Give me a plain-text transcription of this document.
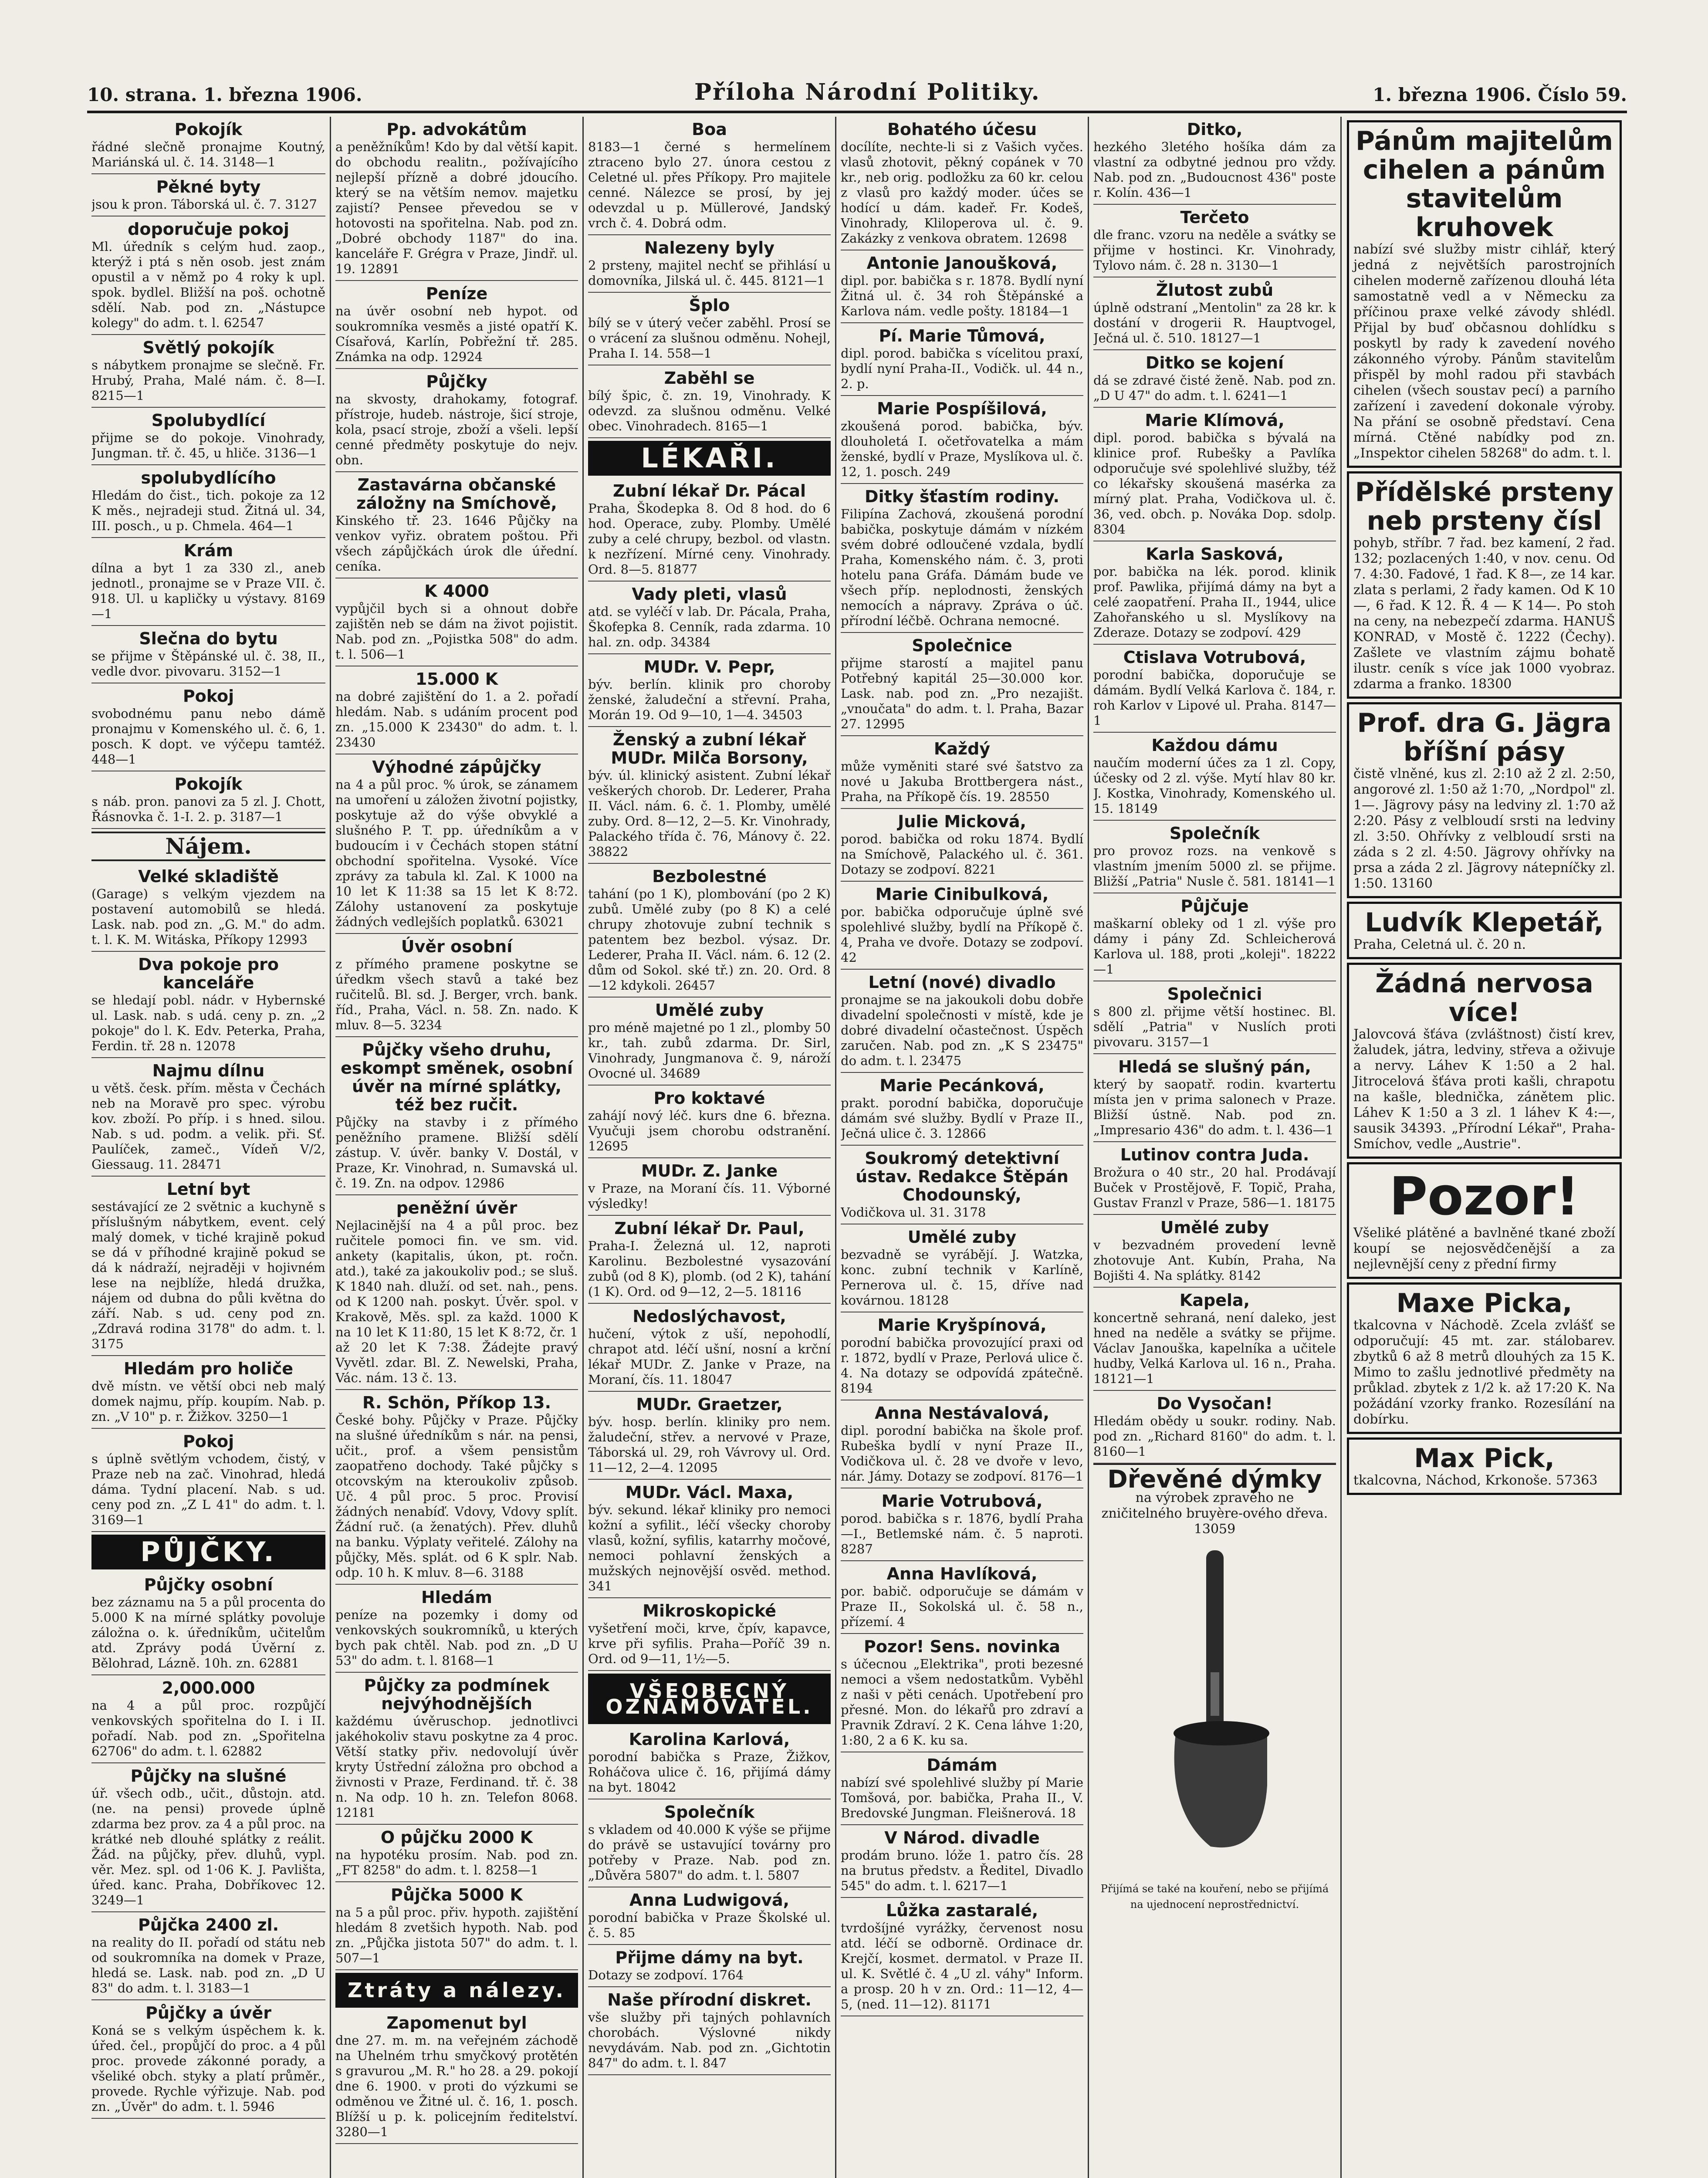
10. strana. 1. března 1906.	Příloha Národní Politiky.	1. března 1906. Číslo 59.
Pokojík
řádné slečně pronajme Koutný, Mariánská ul. č. 14. 3148—1
Pěkné byty
jsou k pron. Táborská ul. č. 7. 3127
doporučuje pokoj
Ml. úředník s celým hud. zaop., kterýž i ptá s něn osob. jest znám opustil a v němž po 4 roky k upl. spok. bydlel. Bližší na poš. ochotně sdělí. Nab. pod zn. „Nástupce kolegy" do adm. t. l. 62547
Světlý pokojík
s nábytkem pronajme se slečně. Fr. Hrubý, Praha, Malé nám. č. 8—I. 8215—1
Spolubydlící
přijme se do pokoje. Vinohrady, Jungman. tř. č. 45, u hliče. 3136—1
spolubydlícího
Hledám do čist., tich. pokoje za 12 K měs., nejradeji stud. Žitná ul. 34, III. posch., u p. Chmela. 464—1
Krám
dílna a byt 1 za 330 zl., aneb jednotl., pronajme se v Praze VII. č. 918. Ul. u kapličky u výstavy. 8169—1
Slečna do bytu
se přijme v Štěpánské ul. č. 38, II., vedle dvor. pivovaru. 3152—1
Pokoj
svobodnému panu nebo dámě pronajmu v Komenského ul. č. 6, 1. posch. K dopt. ve výčepu tamtéž. 448—1
Pokojík
s náb. pron. panovi za 5 zl. J. Chott, Řásnovka č. 1-I. 2. p. 3187—1
Nájem.
Velké skladiště
(Garage) s velkým vjezdem na postavení automobilů se hledá. Lask. nab. pod zn. „G. M." do adm. t. l. K. M. Witáska, Příkopy 12993
Dva pokoje pro kanceláře
se hledají pobl. nádr. v Hybernské ul. Lask. nab. s udá. ceny p. zn. „2 pokoje" do l. K. Edv. Peterka, Praha, Ferdin. tř. 28 n. 12078
Najmu dílnu
u větš. česk. přím. města v Čechách neb na Moravě pro spec. výrobu kov. zboží. Po příp. i s hned. silou. Nab. s ud. podm. a velik. při. Sť. Paulíček, zameč., Vídeň V/2, Giessaug. 11. 28471
Letní byt
sestávající ze 2 světnic a kuchyně s příslušným nábytkem, event. celý malý domek, v tiché krajině pokud se dá v příhodné krajině pokud se dá k nádraží, nejraději v hojivném lese na nejblíže, hledá družka, nájem od dubna do půli května do září. Nab. s ud. ceny pod zn. „Zdravá rodina 3178" do adm. t. l. 3175
Hledám pro holiče
dvě místn. ve větší obci neb malý domek najmu, příp. koupím. Nab. p. zn. „V 10" p. r. Žižkov. 3250—1
Pokoj
s úplně světlým vchodem, čistý, v Praze neb na zač. Vinohrad, hledá dáma. Tydní placení. Nab. s ud. ceny pod zn. „Z L 41" do adm. t. l. 3169—1
PŮJČKY.
Půjčky osobní
bez záznamu na 5 a půl procenta do 5.000 K na mírné splátky povoluje záložna o. k. úředníkům, učitelům atd. Zprávy podá Úvěrní z. Bělohrad, Lázně. 10h. zn. 62881
2,000.000
na 4 a půl proc. rozpůjčí venkovských spořitelna do I. i II. pořadí. Nab. pod zn. „Spořitelna 62706" do adm. t. l. 62882
Půjčky na slušné
úř. všech odb., učit., důstojn. atd. (ne. na pensi) provede úplně zdarma bez prov. za 4 a půl proc. na krátké neb dlouhé splátky z reálit. Žád. na půjčky, přev. dluhů, vypl. věr. Mez. spl. od 1·06 K. J. Pavlišta, úřed. kanc. Praha, Dobříkovec 12. 3249—1
Půjčka 2400 zl.
na reality do II. pořadí od státu neb od soukromníka na domek v Praze, hledá se. Lask. nab. pod zn. „D U 83" do adm. t. l. 3183—1
Půjčky a úvěr
Koná se s velkým úspěchem k. k. úřed. čel., propůjčí do proc. a 4 půl proc. provede zákonné porady, a všeliké obch. styky a platí průměr., provede. Rychle výřizuje. Nab. pod zn. „Úvěr" do adm. t. l. 5946
Pp. advokátům
a peněžníkům! Kdo by dal větší kapit. do obchodu realitn., požívajícího nejlepší přízně a dobré jdoucího. který se na větším nemov. majetku zajistí? Pensee převedou se v hotovosti na spořitelna. Nab. pod zn. „Dobré obchody 1187" do ina. kanceláře F. Grégra v Praze, Jindř. ul. 19. 12891
Peníze
na úvěr osobní neb hypot. od soukromníka vesměs a jisté opatří K. Císařová, Karlín, Pobřežní tř. 285. Známka na odp. 12924
Půjčky
na skvosty, drahokamy, fotograf. přístroje, hudeb. nástroje, šicí stroje, kola, psací stroje, zboží a všeli. lepší cenné předměty poskytuje do nejv. obn.
Zastavárna občanské záložny na Smíchově,
Kinského tř. 23. 1646 Půjčky na venkov vyřiz. obratem poštou. Při všech zápůjčkách úrok dle úřední. ceníka.
K 4000
vypůjčil bych si a ohnout dobře zajištěn neb se dám na život pojistit. Nab. pod zn. „Pojistka 508" do adm. t. l. 506—1
15.000 K
na dobré zajištění do 1. a 2. pořadí hledám. Nab. s udáním procent pod zn. „15.000 K 23430" do adm. t. l. 23430
Výhodné zápůjčky
na 4 a půl proc. % úrok, se zánamem na umoření u záložen životní pojistky, poskytuje až do výše obvyklé a slušného P. T. pp. úředníkům a v budoucím i v Čechách stopen státní obchodní spořitelna. Vysoké. Více zprávy za tabula kl. Zal. K 1000 na 10 let K 11:38 sa 15 let K 8:72. Zálohy ustanovení za poskytuje žádných vedlejších poplatků. 63021
Úvěr osobní
z přímého pramene poskytne se úředkm všech stavů a také bez ručitelů. Bl. sd. J. Berger, vrch. bank. říd., Praha, Václ. n. 58. Zn. nado. K mluv. 8—5. 3234
Půjčky všeho druhu, eskompt směnek, osobní úvěr na mírné splátky, též bez ručit.
Půjčky na stavby i z přímého peněžního pramene. Bližší sdělí zástup. V. úvěr. banky V. Dostál, v Praze, Kr. Vinohrad, n. Sumavská ul. č. 19. Zn. na odpov. 12986
peněžní úvěr
Nejlacinější na 4 a půl proc. bez ručitele pomoci fin. ve sm. vid. ankety (kapitalis, úkon, pt. ročn. atd.), také za jakoukoliv pod.; se sluš. K 1840 nah. dluží. od set. nah., pens. od K 1200 nah. poskyt. Úvěr. spol. v Krakově, Měs. spl. za každ. 1000 K na 10 let K 11:80, 15 let K 8:72, čr. 1 až 20 let K 7:38. Žádejte pravý Vyvětl. zdar. Bl. Z. Newelski, Praha, Vác. nám. 13 č. 13.
R. Schön, Příkop 13.
České bohy. Půjčky v Praze. Půjčky na slušné úředníkům s nár. na pensi, učit., prof. a všem pensistům zaopatřeno dochody. Také půjčky s otcovským na kteroukoliv způsob. Uč. 4 půl proc. 5 proc. Provisí žádných nenabíď. Vdovy, Vdovy splít. Žádní ruč. (a ženatých). Přev. dluhů na banku. Výplaty veřitelé. Zálohy na půjčky, Měs. splát. od 6 K splr. Nab. odp. 10 h. K mluv. 8—6. 3188
Hledám
peníze na pozemky i domy od venkovských soukromníků, u kterých bych pak chtěl. Nab. pod zn. „D U 53" do adm. t. l. 8168—1
Půjčky za podmínek nejvýhodnějších
každému úvěruschop. jednotlivci jakéhokoliv stavu poskytne za 4 proc. Větší statky přiv. nedovolují úvěr kryty Ústřední záložna pro obchod a živnosti v Praze, Ferdinand. tř. č. 38 n. Na odp. 10 h. zn. Telefon 8068. 12181
O půjčku 2000 K
na hypotéku prosím. Nab. pod zn. „FT 8258" do adm. t. l. 8258—1
Půjčka 5000 K
na 5 a půl proc. přiv. hypoth. zajištění hledám 8 zvetšich hypoth. Nab. pod zn. „Půjčka jistota 507" do adm. t. l. 507—1
Ztráty a nálezy.
Zapomenut byl
dne 27. m. m. na veřejném záchodě na Uhelném trhu smyčkový protětén s gravurou „M. R." ho 28. a 29. pokojí dne 6. 1900. v proti do výzkumi se odměnou ve Žitné ul. č. 16, 1. posch. Blížší u p. k. policejním ředitelství. 3280—1
Boa
8183—1 černé s hermelínem ztraceno bylo 27. února cestou z Celetné ul. přes Příkopy. Pro majitele cenné. Nálezce se prosí, by jej odevzdal u p. Müllerové, Jandský vrch č. 4. Dobrá odm.
Nalezeny byly
2 prsteny, majitel nechť se přihlásí u domovníka, Jilská ul. č. 445. 8121—1
Šplo
bílý se v úterý večer zaběhl. Prosí se o vrácení za slušnou odměnu. Nohejl, Praha I. 14. 558—1
Zaběhl se
bílý špic, č. zn. 19, Vinohrady. K odevzd. za slušnou odměnu. Velké obec. Vinohradech. 8165—1
LÉKAŘI.
Zubní lékař Dr. Pácal
Praha, Škodepka 8. Od 8 hod. do 6 hod. Operace, zuby. Plomby. Umělé zuby a celé chrupy, bezbol. od vlastn. k nezřízení. Mírné ceny. Vinohrady. Ord. 8—5. 81877
Vady pleti, vlasů
atd. se vyléčí v lab. Dr. Pácala, Praha, Škofepka 8. Cenník, rada zdarma. 10 hal. zn. odp. 34384
MUDr. V. Pepr,
býv. berlín. klinik pro choroby ženské, žaludeční a střevní. Praha, Morán 19. Od 9—10, 1—4. 34503
Ženský a zubní lékař MUDr. Milča Borsony,
býv. úl. klinický asistent. Zubní lékař veškerých chorob. Dr. Lederer, Praha II. Václ. nám. 6. č. 1. Plomby, umělé zuby. Ord. 8—12, 2—5. Kr. Vinohrady, Palackého třída č. 76, Mánovy č. 22. 38822
Bezbolestné
tahání (po 1 K), plombování (po 2 K) zubů. Umělé zuby (po 8 K) a celé chrupy zhotovuje zubní technik s patentem bez bezbol. výsaz. Dr. Lederer, Praha II. Václ. nám. 6. 12 (2. dům od Sokol. ské tř.) zn. 20. Ord. 8—12 kdykoli. 26457
Umělé zuby
pro méně majetné po 1 zl., plomby 50 kr., tah. zubů zdarma. Dr. Sirl, Vinohrady, Jungmanova č. 9, nároží Ovocné ul. 34689
Pro koktavé
zahájí nový léč. kurs dne 6. března. Vyučuji jsem chorobu odstranění. 12695
MUDr. Z. Janke
v Praze, na Moraní čís. 11. Výborné výsledky!
Zubní lékař Dr. Paul,
Praha-I. Železná ul. 12, naproti Karolinu. Bezbolestné vysazování zubů (od 8 K), plomb. (od 2 K), tahání (1 K). Ord. od 9—12, 2—5. 18116
Nedoslýchavost,
hučení, výtok z uší, nepohodlí, chrapot atd. léčí ušní, nosní a krční lékař MUDr. Z. Janke v Praze, na Moraní, čís. 11. 18047
MUDr. Graetzer,
býv. hosp. berlín. kliniky pro nem. žaludeční, střev. a nervové v Praze, Táborská ul. 29, roh Vávrovy ul. Ord. 11—12, 2—4. 12095
MUDr. Václ. Maxa,
býv. sekund. lékař kliniky pro nemoci kožní a syfilit., léčí všecky choroby vlasů, kožní, syfilis, katarrhy močové, nemoci pohlavní ženských a mužských nejnovější osvěd. method. 341
Mikroskopické
vyšetření moči, krve, čpív, kapavce, krve při syfilis. Praha—Poříč 39 n. Ord. od 9—11, 1½—5.
VŠEOBECNÝ OZNAMOVATEL.
Karolina Karlová,
porodní babička s Praze, Žižkov, Roháčova ulice č. 16, přijímá dámy na byt. 18042
Společník
s vkladem od 40.000 K výše se přijme do právě se ustavující továrny pro potřeby v Praze. Nab. pod zn. „Důvěra 5807" do adm. t. l. 5807
Anna Ludwigová,
porodní babička v Praze Školské ul. č. 5. 85
Přijme dámy na byt.
Dotazy se zodpoví. 1764
Naše přírodní diskret.
vše služby při tajných pohlavních chorobách. Výslovné nikdy nevydávám. Nab. pod zn. „Gichtotin 847" do adm. t. l. 847
Bohatého účesu
docílíte, nechte-li si z Vašich vyčes. vlasů zhotovit, pěkný copánek v 70 kr., neb orig. podložku za 60 kr. celou z vlasů pro každý moder. účes se hodící u dám. kadeř. Fr. Kodeš, Vinohrady, Kliloperova ul. č. 9. Zakázky z venkova obratem. 12698
Antonie Janoušková,
dipl. por. babička s r. 1878. Bydlí nyní Žitná ul. č. 34 roh Štěpánské a Karlova nám. vedle pošty. 18184—1
Pí. Marie Tůmová,
dipl. porod. babička s vícelitou praxí, bydlí nyní Praha-II., Vodičk. ul. 44 n., 2. p.
Marie Pospíšilová,
zkoušená porod. babička, býv. dlouholetá I. očetřovatelka a mám ženské, bydlí v Praze, Myslíkova ul. č. 12, 1. posch. 249
Ditky šťastím rodiny.
Filipína Zachová, zkoušená porodní babička, poskytuje dámám v nízkém svém dobré odloučené vzdala, bydlí Praha, Komenského nám. č. 3, proti hotelu pana Gráfa. Dámám bude ve všech příp. neplodnosti, ženských nemocích a nápravy. Zpráva o úč. přírodní léčbě. Ochrana nemocné.
Společnice
přijme starostí a majitel panu Potřebný kapitál 25—30.000 kor. Lask. nab. pod zn. „Pro nezajišt. „vnoučata" do adm. t. l. Praha, Bazar 27. 12995
Každý
může vyměniti staré své šatstvo za nové u Jakuba Brottbergera nást., Praha, na Příkopě čís. 19. 28550
Julie Micková,
porod. babička od roku 1874. Bydlí na Smíchově, Palackého ul. č. 361. Dotazy se zodpoví. 8221
Marie Cinibulková,
por. babička odporučuje úplně své spolehlivé služby, bydlí na Příkopě č. 4, Praha ve dvoře. Dotazy se zodpoví. 42
Letní (nové) divadlo
pronajme se na jakoukoli dobu dobře divadelní společnosti v místě, kde je dobré divadelní očastečnost. Úspěch zaručen. Nab. pod zn. „K S 23475" do adm. t. l. 23475
Marie Pecánková,
prakt. porodní babička, doporučuje dámám své služby. Bydlí v Praze II., Ječná ulice č. 3. 12866
Soukromý detektivní ústav. Redakce Štěpán Chodounský,
Vodičkova ul. 31. 3178
Umělé zuby
bezvadně se vyrábějí. J. Watzka, konc. zubní technik v Karlíně, Pernerova ul. č. 15, dříve nad kovárnou. 18128
Marie Kryšpínová,
porodní babička provozující praxi od r. 1872, bydlí v Praze, Perlová ulice č. 4. Na dotazy se odpovídá zpátečně. 8194
Anna Nestávalová,
dipl. porodní babička na škole prof. Rubeška bydlí v nyní Praze II., Vodičkova ul. č. 28 ve dvoře v levo, nár. Jámy. Dotazy se zodpoví. 8176—1
Marie Votrubová,
porod. babička s r. 1876, bydlí Praha—I., Betlemské nám. č. 5 naproti. 8287
Anna Havlíková,
por. babič. odporučuje se dámám v Praze II., Sokolská ul. č. 58 n., přízemí. 4
Pozor! Sens. novinka
s účecnou „Elektrika", proti bezesné nemoci a všem nedostatkům. Vyběhl z naši v pěti cenách. Upotřebení pro přesné. Mon. do lékařů pro zdraví a Pravnik Zdraví. 2 K. Cena láhve 1:20, 1:80, 2 a 6 K. ku sa.
Dámám
nabízí své spolehlivé služby pí Marie Tomšová, por. babička, Praha II., V. Bredovské Jungman. Fleišnerová. 18
V Národ. divadle
prodám bruno. lóže 1. patro čís. 28 na brutus předstv. a Ředitel, Divadlo 545" do adm. t. l. 6217—1
Lůžka zastaralé,
tvrdošíjné vyrážky, červenost nosu atd. léčí se odborně. Ordinace dr. Krejčí, kosmet. dermatol. v Praze II. ul. K. Světlé č. 4 „U zl. váhy" Inform. a prosp. 20 h v zn. Ord.: 11—12, 4—5, (ned. 11—12). 81171
Ditko,
hezkého 3letého hošíka dám za vlastní za odbytné jednou pro vždy. Nab. pod zn. „Budoucnost 436" poste r. Kolín. 436—1
Terčeto
dle franc. vzoru na neděle a svátky se přijme v hostinci. Kr. Vinohrady, Tylovo nám. č. 28 n. 3130—1
Žlutost zubů
úplně odstraní „Mentolin" za 28 kr. k dostání v drogerii R. Hauptvogel, Ječná ul. č. 510. 18127—1
Ditko se kojení
dá se zdravé čisté ženě. Nab. pod zn. „D U 47" do adm. t. l. 6241—1
Marie Klímová,
dipl. porod. babička s bývalá na klinice prof. Rubešky a Pavlíka odporučuje své spolehlivé služby, též co lékařsky skoušená masérka za mírný plat. Praha, Vodičkova ul. č. 36, ved. obch. p. Nováka Dop. sdolp. 8304
Karla Sasková,
por. babička na lék. porod. klinik prof. Pawlika, přijímá dámy na byt a celé zaopatření. Praha II., 1944, ulice Zahořanského u sl. Myslíkovy na Zderaze. Dotazy se zodpoví. 429
Ctislava Votrubová,
porodní babička, doporučuje se dámám. Bydlí Velká Karlova č. 184, r. roh Karlov v Lipové ul. Praha. 8147—1
Každou dámu
naučím moderní účes za 1 zl. Copy, účesky od 2 zl. výše. Mytí hlav 80 kr. J. Kostka, Vinohrady, Komenského ul. 15. 18149
Společník
pro provoz rozs. na venkově s vlastním jmením 5000 zl. se přijme. Bližší „Patria" Nusle č. 581. 18141—1
Půjčuje
maškarní obleky od 1 zl. výše pro dámy i pány Zd. Schleicherová Karlova ul. 188, proti „koleji". 18222—1
Společnici
s 800 zl. přijme větší hostinec. Bl. sdělí „Patria" v Nuslích proti pivovaru. 3157—1
Hledá se slušný pán,
který by saopatř. rodin. kvartertu místa jen v prima salonech v Praze. Bližší ústně. Nab. pod zn. „Impresario 436" do adm. t. l. 436—1
Lutinov contra Juda.
Brožura o 40 str., 20 hal. Prodávají Buček v Prostějově, F. Topič, Praha, Gustav Franzl v Praze, 586—1. 18175
Umělé zuby
v bezvadném provedení levně zhotovuje Ant. Kubín, Praha, Na Bojišti 4. Na splátky. 8142
Kapela,
koncertně sehraná, není daleko, jest hned na neděle a svátky se přijme. Václav Janouška, kapelníka a učitele hudby, Velká Karlova ul. 16 n., Praha. 18121—1
Do Vysočan!
Hledám obědy u soukr. rodiny. Nab. pod zn. „Richard 8160" do adm. t. l. 8160—1
Dřevěné dýmky
na výrobek zpravého ne zničitelného bruyère-ového dřeva. 13059
Přijímá se také na kouření, nebo se přijímá na ujednocení neprostřednictví.
Pánům majitelům cihelen a pánům stavitelům kruhovek
nabízí své služby mistr cihlář, který jedná z největších parostrojních cihelen moderně zařízenou dlouhá léta samostatně vedl a v Německu za příčinou praxe velké závody shlédl. Přijal by buď občasnou dohlídku s poskytl by rady k zavedení nového zákonného výroby. Pánům stavitelům přispěl by mohl radou při stavbách cihelen (všech soustav pecí) a parního zařízení i zavedení dokonale výroby. Na přání se osobně představí. Cena mírná. Ctěné nabídky pod zn. „Inspektor cihelen 58268" do adm. t. l.
Přídělské prsteny neb prsteny čísl
pohyb, stříbr. 7 řad. bez kamení, 2 řad. 132; pozlacených 1:40, v nov. cenu. Od 7. 4:30. Fadové, 1 řad. K 8—, ze 14 kar. zlata s perlami, 2 řady kamen. Od K 10—, 6 řad. K 12. Ř. 4 — K 14—. Po stoh na ceny, na nebezpečí zdarma. HANUŠ KONRAD, v Mostě č. 1222 (Čechy). Zašlete ve vlastním zájmu bohatě ilustr. ceník s více jak 1000 vyobraz. zdarma a franko. 18300
Prof. dra G. Jägra bříšní pásy
čistě vlněné, kus zl. 2:10 až 2 zl. 2:50, angorové zl. 1:50 až 1:70, „Nordpol" zl. 1—. Jägrovy pásy na ledviny zl. 1:70 až 2:20. Pásy z velbloudí srsti na ledviny zl. 3:50. Ohřívky z velbloudí srsti na záda s 2 zl. 4:50. Jägrovy ohřívky na prsa a záda 2 zl. Jägrovy nátepníčky zl. 1:50. 13160
Ludvík Klepetář,
Praha, Celetná ul. č. 20 n.
Žádná nervosa více!
Jalovcová šťáva (zvláštnost) čistí krev, žaludek, játra, ledviny, střeva a oživuje a nervy. Láhev K 1:50 a 2 hal. Jitrocelová šťáva proti kašli, chrapotu na kašle, blednička, zánětem plic. Láhev K 1:50 a 3 zl. 1 láhev K 4:—, sausik 34393. „Přírodní Lékař", Praha-Smíchov, vedle „Austrie".
Pozor!
Všeliké plátěné a bavlněné tkané zboží koupí se nejosvědčenější a za nejlevnější ceny z přední firmy
Maxe Picka,
tkalcovna v Náchodě. Zcela zvlášť se odporučují: 45 mt. zar. stálobarev. zbytků 6 až 8 metrů dlouhých za 15 K. Mimo to zašlu jednotlivé předměty na průklad. zbytek z 1/2 k. až 17:20 K. Na požádání vzorky franko. Rozesílání na dobírku.
Max Pick,
tkalcovna, Náchod, Krkonoše. 57363
